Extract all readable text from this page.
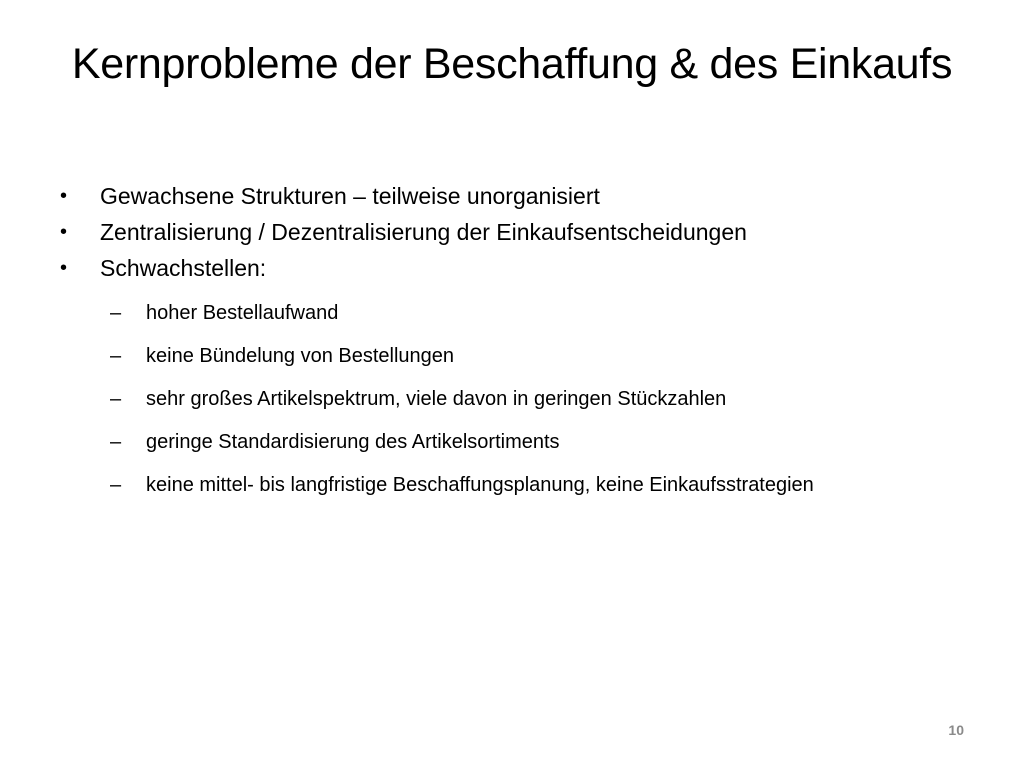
Kernprobleme der Beschaffung & des Einkaufs
• Gewachsene Strukturen – teilweise unorganisiert
• Zentralisierung / Dezentralisierung der Einkaufsentscheidungen
• Schwachstellen:
– hoher Bestellaufwand
– keine Bündelung von Bestellungen
– sehr großes Artikelspektrum, viele davon in geringen Stückzahlen
– geringe Standardisierung des Artikelsortiments
– keine mittel- bis langfristige Beschaffungsplanung, keine Einkaufsstrategien
10
